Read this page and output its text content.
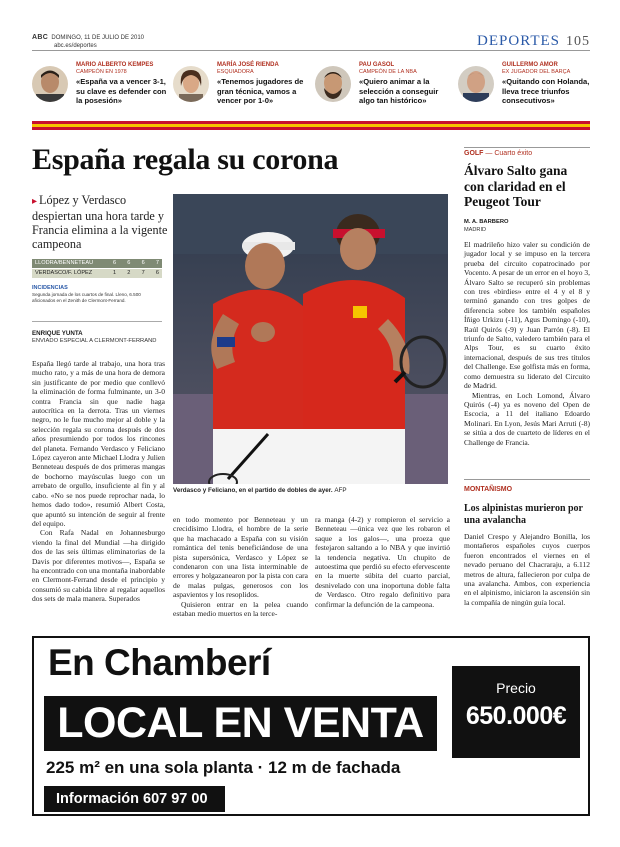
ABC DOMINGO, 11 DE JULIO DE 2010
abc.es/deportes	DEPORTES 105
MARIO ALBERTO KEMPES
CAMPEÓN EN 1978
«España va a vencer 3-1, su clave es defender con la posesión»
MARÍA JOSÉ RIENDA
ESQUIADORA
«Tenemos jugadores de gran técnica, vamos a vencer por 1-0»
PAU GASOL
CAMPEÓN DE LA NBA
«Quiero animar a la selección a conseguir algo tan histórico»
GUILLERMO AMOR
EX JUGADOR DEL BARÇA
«Quitando con Holanda, lleva trece triunfos consecutivos»
España regala su corona
▸ López y Verdasco despiertan una hora tarde y Francia elimina a la vigente campeona
LLODRA/BENNETEAU	6 6 6 7
VERDASCO/F. LÓPEZ	1 2 7 6
INCIDENCIAS
Segunda jornada de los cuartos de final. Lleno, 6.500 aficionados en el Zenith de Clermont-Ferrand.
ENRIQUE YUNTA
ENVIADO ESPECIAL A CLERMONT-FERRAND

España llegó tarde al trabajo, una hora tras mucho rato, y a más de una hora de demora sin justificante de por medio que conllevó la eliminación de forma fulminante, un 3-0 contra Francia sin que nadie haga autocrítica en la derrota. Tras un viernes negro, no le fue mucho mejor al doble y la selección regala su corona después de dos años presumiendo por todos los rincones del planeta. Fernando Verdasco y Feliciano López cayeron ante Michael Llodra y Julien Benneteau después de dos primeras mangas de bochorno mayúsculas luego con un arrebato de orgullo, insuficiente al fin y al cabo. «No se nos puede reprochar nada, lo hemos dado todo», resumió Albert Costa, que apuntó su intención de seguir al frente del equipo.

Con Rafa Nadal en Johannesburgo viendo la final del Mundial —ha dirigido dos de las seis últimas eliminatorias de la Davis por diferentes motivos—, España se ha encontrado con una montaña inabordable en Clermont-Ferrand desde el principio y consumió su cabida libre al regalar aquellos dos sets de mala manera. Superados

Verdasco y Feliciano, en el partido de dobles de ayer. AFP

en todo momento por Benneteau y un crecidísimo Llodra, el hombre de la serie que ha machacado a España con su visión romántica del tenis beneficiándose de una pista supersónica, Verdasco y López se condenaron con una lista interminable de errores y holgazanearon por la pista con cara de malas pulgas, generosos con los aspavientos y los resoplidos.

Quisieron entrar en la pelea cuando estaban medio muertos en la terce-

ra manga (4-2) y rompieron el servicio a Benneteau —única vez que les robaron el saque a los galos—, una proeza que festejaron saltando a lo NBA y que invirtió la tendencia negativa. Un chupito de autoestima que perdió su efecto efervescente en la muerte súbita del cuarto parcial, desnivelado con una inoportuna doble falta de Verdasco. Otro regalo definitivo para confirmar la defunción de la campeona.

GOLF — Cuarto éxito
Álvaro Salto gana con claridad en el Peugeot Tour
M. A. BARBERO
MADRID

El madrileño hizo valer su condición de jugador local y se impuso en la tercera prueba del circuito copatrocinado por Vocento. A pesar de un error en el hoyo 3, Álvaro Salto se recuperó sin problemas con tres «birdies» entre el 4 y el 8 y terminó ganando con tres golpes de diferencia sobre los también españoles Íñigo Urkizu (-11), Agus Domingo (-10), Raúl Quirós (-9) y Juan Parrón (-8). El triunfo de Salto, valedero también para el Alps Tour, es su cuarto éxito internacional, después de sus tres títulos del Challenge. Ese golfista más en forma, como demuestra su liderato del Circuito de Madrid.

Mientras, en Loch Lomond, Álvaro Quirós (-4) ya es noveno del Open de Escocia, a 11 del italiano Edoardo Molinari. En Lyon, Jesús Mari Arruti (-8) se sitúa a dos de cuarteto de líderes en el Challenge de Francia.

MONTAÑISMO
Los alpinistas murieron por una avalancha

Daniel Crespo y Alejandro Bonilla, los montañeros españoles cuyos cuerpos fueron encontrados el viernes en el nevado peruano del Chacraraju, a 6.112 metros de altura, fallecieron por culpa de una avalancha. Ambos, con experiencia en el alpinismo, iniciaron la ascensión sin la compañía de ningún guía local.

En Chamberí
LOCAL EN VENTA
225 m² en una sola planta · 12 m de fachada
Información 607 97 00 81
Precio
650.000€
